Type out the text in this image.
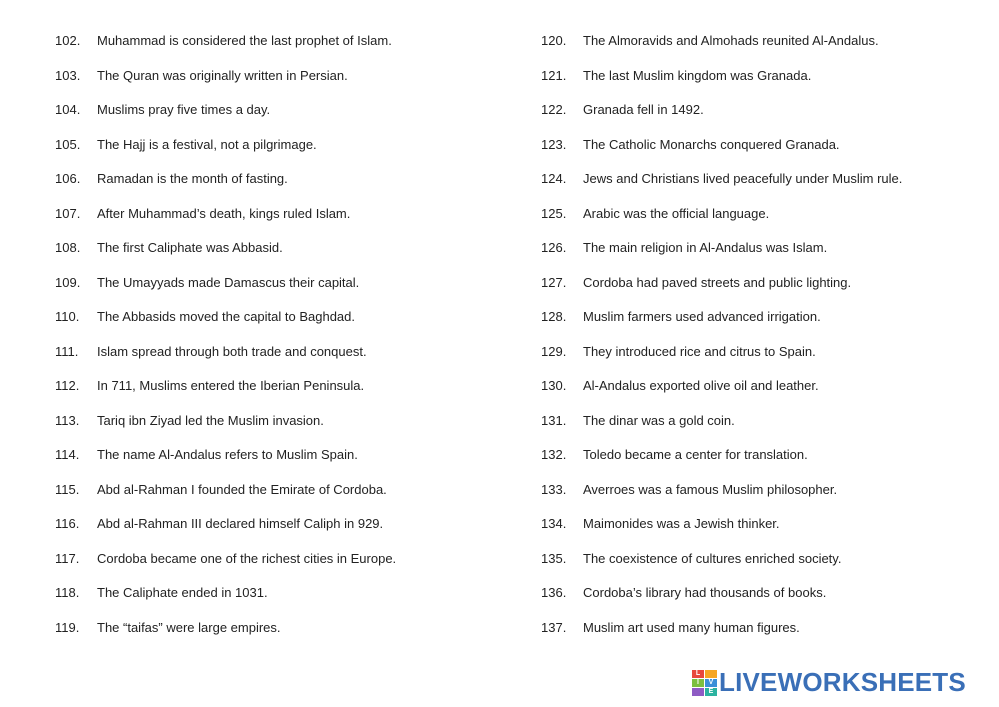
102.	Muhammad is considered the last prophet of Islam.
103.	The Quran was originally written in Persian.
104.	Muslims pray five times a day.
105.	The Hajj is a festival, not a pilgrimage.
106.	Ramadan is the month of fasting.
107.	After Muhammad’s death, kings ruled Islam.
108.	The first Caliphate was Abbasid.
109.	The Umayyads made Damascus their capital.
110.	The Abbasids moved the capital to Baghdad.
111.	Islam spread through both trade and conquest.
112.	In 711, Muslims entered the Iberian Peninsula.
113.	Tariq ibn Ziyad led the Muslim invasion.
114.	The name Al-Andalus refers to Muslim Spain.
115.	Abd al-Rahman I founded the Emirate of Cordoba.
116.	Abd al-Rahman III declared himself Caliph in 929.
117.	Cordoba became one of the richest cities in Europe.
118.	The Caliphate ended in 1031.
119.	The “taifas” were large empires.
120.	The Almoravids and Almohads reunited Al-Andalus.
121.	The last Muslim kingdom was Granada.
122.	Granada fell in 1492.
123.	The Catholic Monarchs conquered Granada.
124.	Jews and Christians lived peacefully under Muslim rule.
125.	Arabic was the official language.
126.	The main religion in Al-Andalus was Islam.
127.	Cordoba had paved streets and public lighting.
128.	Muslim farmers used advanced irrigation.
129.	They introduced rice and citrus to Spain.
130.	Al-Andalus exported olive oil and leather.
131.	The dinar was a gold coin.
132.	Toledo became a center for translation.
133.	Averroes was a famous Muslim philosopher.
134.	Maimonides was a Jewish thinker.
135.	The coexistence of cultures enriched society.
136.	Cordoba’s library had thousands of books.
137.	Muslim art used many human figures.
L
I	V
E LIVEWORKSHEETS
